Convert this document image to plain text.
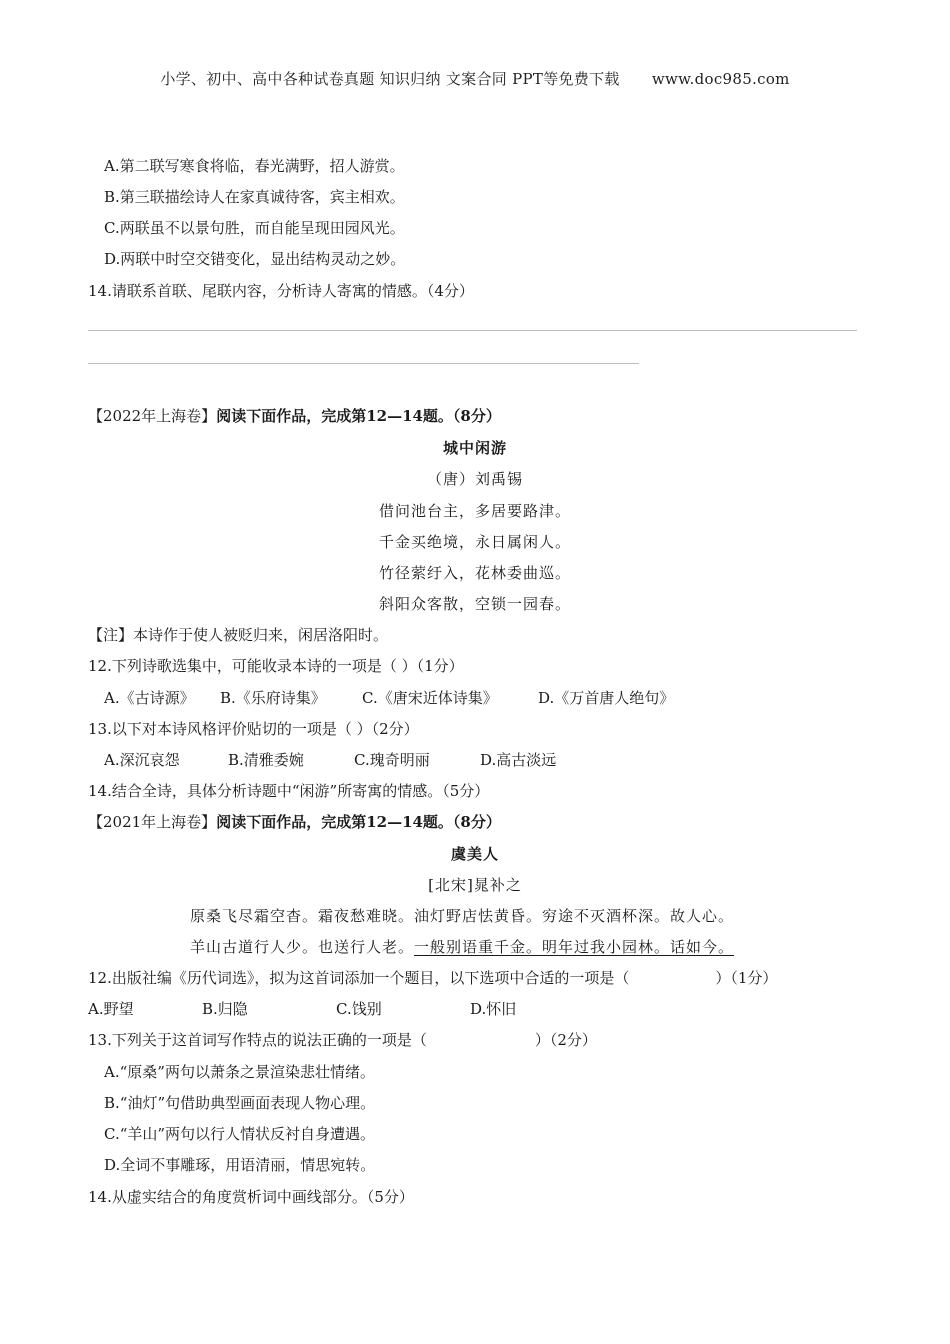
小学、初中、高中各种试卷真题 知识归纳 文案合同 PPT等免费下载 www.doc985.com
A.第二联写寒食将临，春光满野，招人游赏。
B.第三联描绘诗人在家真诚待客，宾主相欢。
C.两联虽不以景句胜，而自能呈现田园风光。
D.两联中时空交错变化，显出结构灵动之妙。
14.请联系首联、尾联内容，分析诗人寄寓的情感。（4分）
【2022年上海卷】阅读下面作品，完成第12—14题。（8分）
城中闲游
（唐）刘禹锡
借问池台主，多居要路津。
千金买绝境，永日属闲人。
竹径萦纡入，花林委曲巡。
斜阳众客散，空锁一园春。
【注】本诗作于使人被贬归来，闲居洛阳时。
12.下列诗歌选集中，可能收录本诗的一项是（ ）（1分）
A.《古诗源》 B.《乐府诗集》 C.《唐宋近体诗集》	D.《万首唐人绝句》
13.以下对本诗风格评价贴切的一项是（ ）（2分）
A.深沉哀怨	B.清雅委婉	C.瑰奇明丽	D.高古淡远
14.结合全诗，具体分析诗题中“闲游”所寄寓的情感。（5分）
【2021年上海卷】阅读下面作品，完成第12—14题。（8分）
虞美人
[北宋]晁补之
原桑飞尽霜空杳。霜夜愁难晓。油灯野店怯黄昏。穷途不灭酒杯深。故人心。
羊山古道行人少。也送行人老。一般别语重千金。明年过我小园林。话如今。
12.出版社编《历代词选》，拟为这首词添加一个题目，以下选项中合适的一项是（	）（1分）
A.野望	B.归隐	C.饯别	D.怀旧
13.下列关于这首词写作特点的说法正确的一项是（	）（2分）
A.“原桑”两句以萧条之景渲染悲壮情绪。
B.“油灯”句借助典型画面表现人物心理。
C.“羊山”两句以行人情状反衬自身遭遇。
D.全词不事雕琢，用语清丽，情思宛转。
14.从虚实结合的角度赏析词中画线部分。（5分）
